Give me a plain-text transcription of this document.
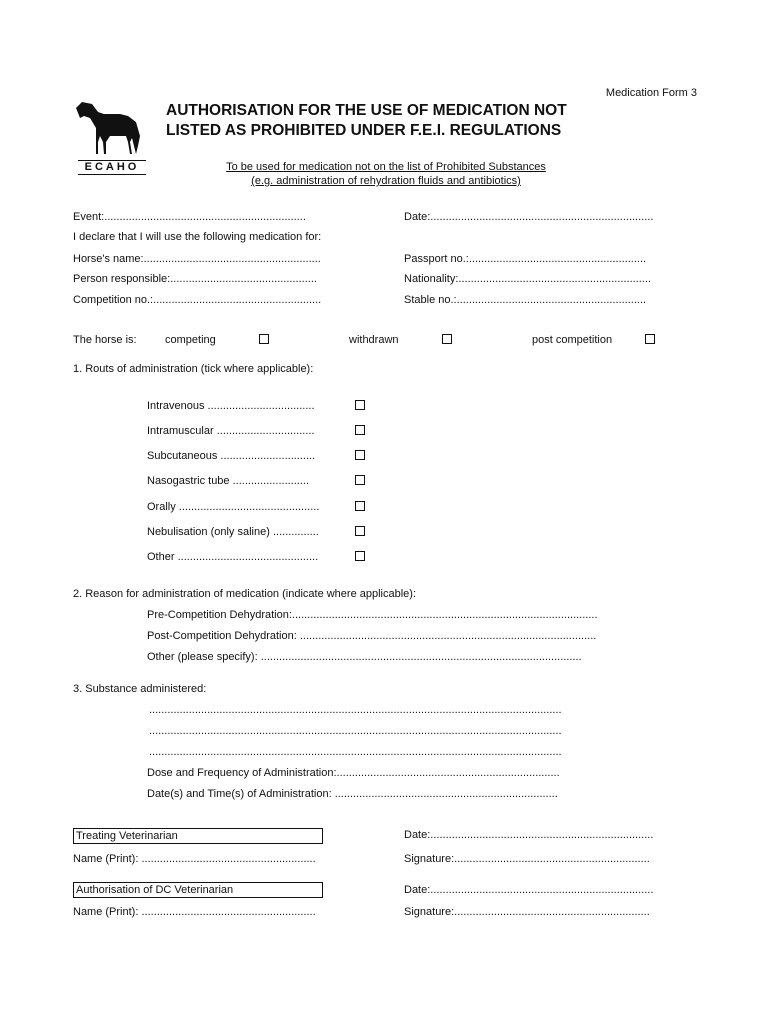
Medication Form 3
ECAHO
AUTHORISATION FOR THE USE OF MEDICATION NOT
LISTED AS PROHIBITED UNDER F.E.I. REGULATIONS
To be used for medication not on the list of Prohibited Substances
(e.g. administration of rehydration fluids and antibiotics)
Event:..................................................................	Date:.........................................................................
I declare that I will use the following medication for:
Horse's name:..........................................................	Passport no.:..........................................................
Person responsible:................................................	Nationality:...............................................................
Competition no.:.......................................................	Stable no.:..............................................................
The horse is:	competing	withdrawn	post competition
1. Routs of administration (tick where applicable):
Intravenous ...................................
Intramuscular ................................
Subcutaneous ...............................
Nasogastric tube .........................
Orally ..............................................
Nebulisation (only saline) ...............
Other ..............................................
2. Reason for administration of medication (indicate where applicable):
Pre-Competition Dehydration:....................................................................................................
Post-Competition Dehydration: .................................................................................................
Other (please specify): .........................................................................................................
3. Substance administered:
.......................................................................................................................................
.......................................................................................................................................
.......................................................................................................................................
Dose and Frequency of Administration:.........................................................................
Date(s) and Time(s) of Administration: .........................................................................
Treating Veterinarian	Date:.........................................................................
Name (Print): .........................................................	Signature:................................................................
Authorisation of DC Veterinarian	Date:.........................................................................
Name (Print): .........................................................	Signature:................................................................
